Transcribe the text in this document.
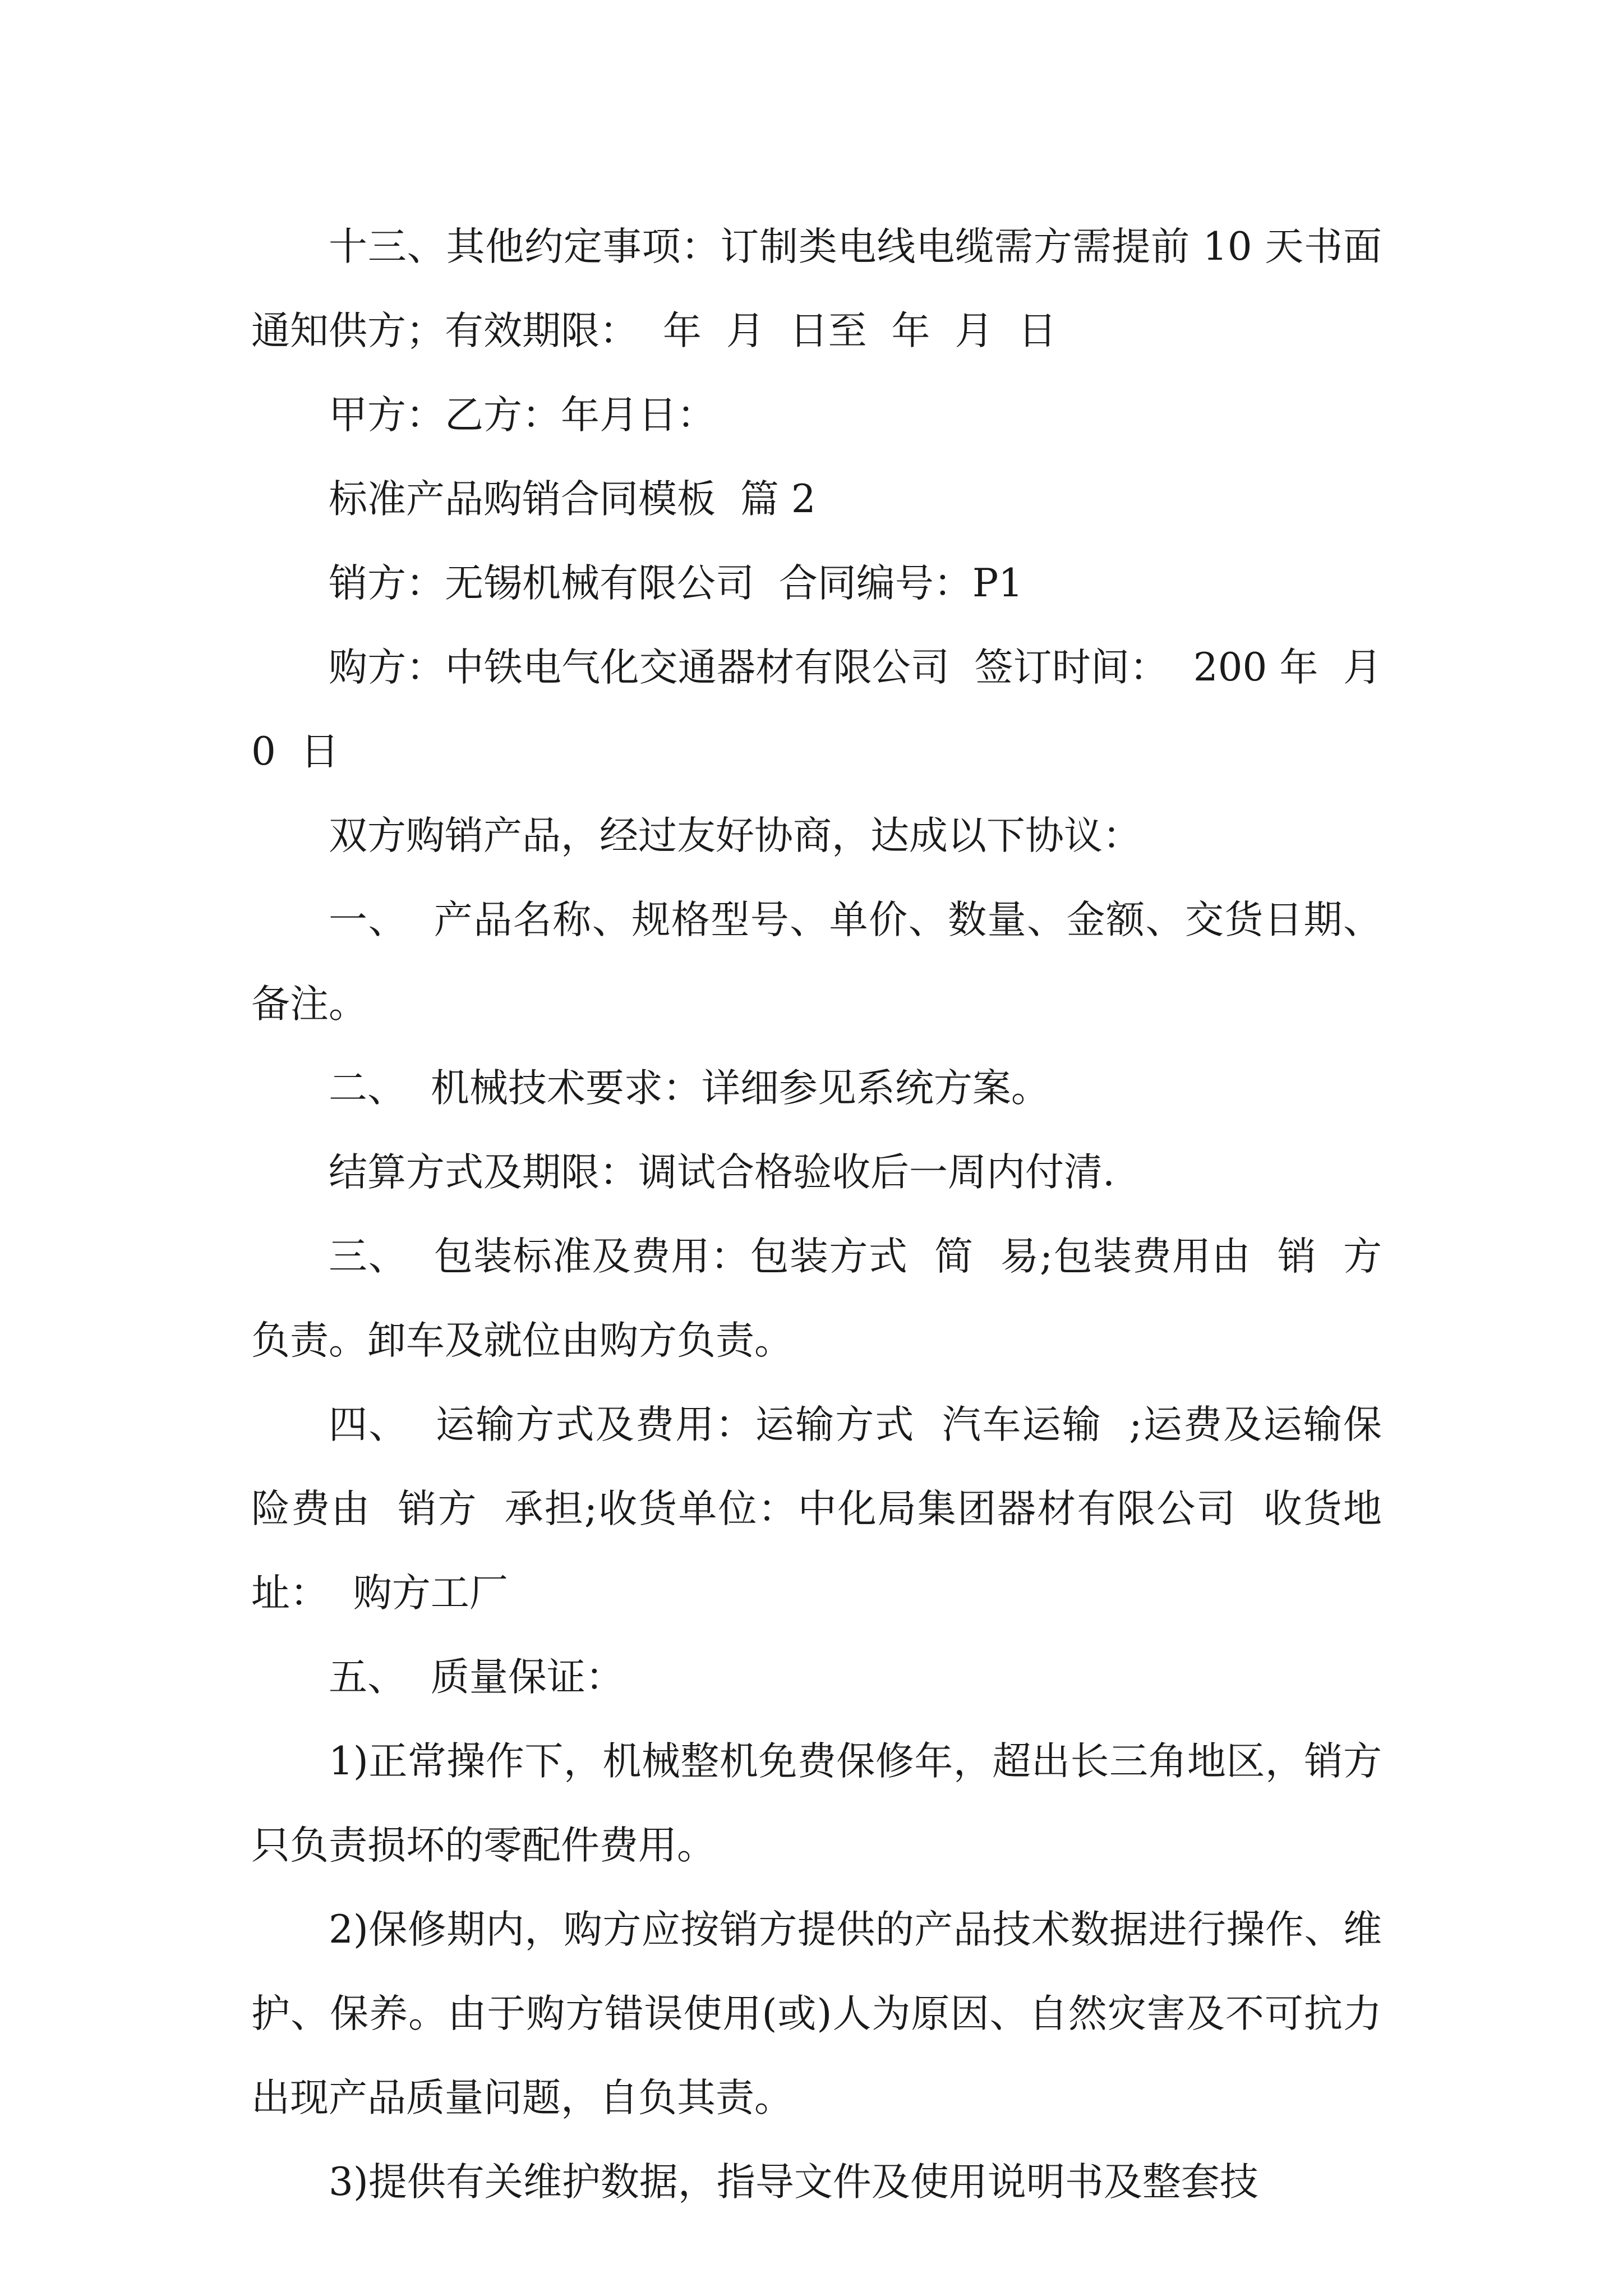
十三、其他约定事项：订制类电线电缆需方需提前 10 天书面通知供方；有效期限：  年  月  日至  年  月  日

甲方：乙方：年月日：

标准产品购销合同模板  篇 2

销方：无锡机械有限公司  合同编号：P1

购方：中铁电气化交通器材有限公司  签订时间：  200 年  月  0  日

双方购销产品，经过友好协商，达成以下协议：

一、  产品名称、规格型号、单价、数量、金额、交货日期、备注。

二、  机械技术要求：详细参见系统方案。

结算方式及期限：调试合格验收后一周内付清.

三、  包装标准及费用：包装方式  简  易;包装费用由  销  方  负责。卸车及就位由购方负责。

四、  运输方式及费用：运输方式  汽车运输  ;运费及运输保险费由  销方  承担;收货单位：中化局集团器材有限公司  收货地址：  购方工厂

五、  质量保证：

1)正常操作下，机械整机免费保修年，超出长三角地区，销方只负责损坏的零配件费用。

2)保修期内，购方应按销方提供的产品技术数据进行操作、维护、保养。由于购方错误使用(或)人为原因、自然灾害及不可抗力出现产品质量问题，自负其责。

3)提供有关维护数据，指导文件及使用说明书及整套技
